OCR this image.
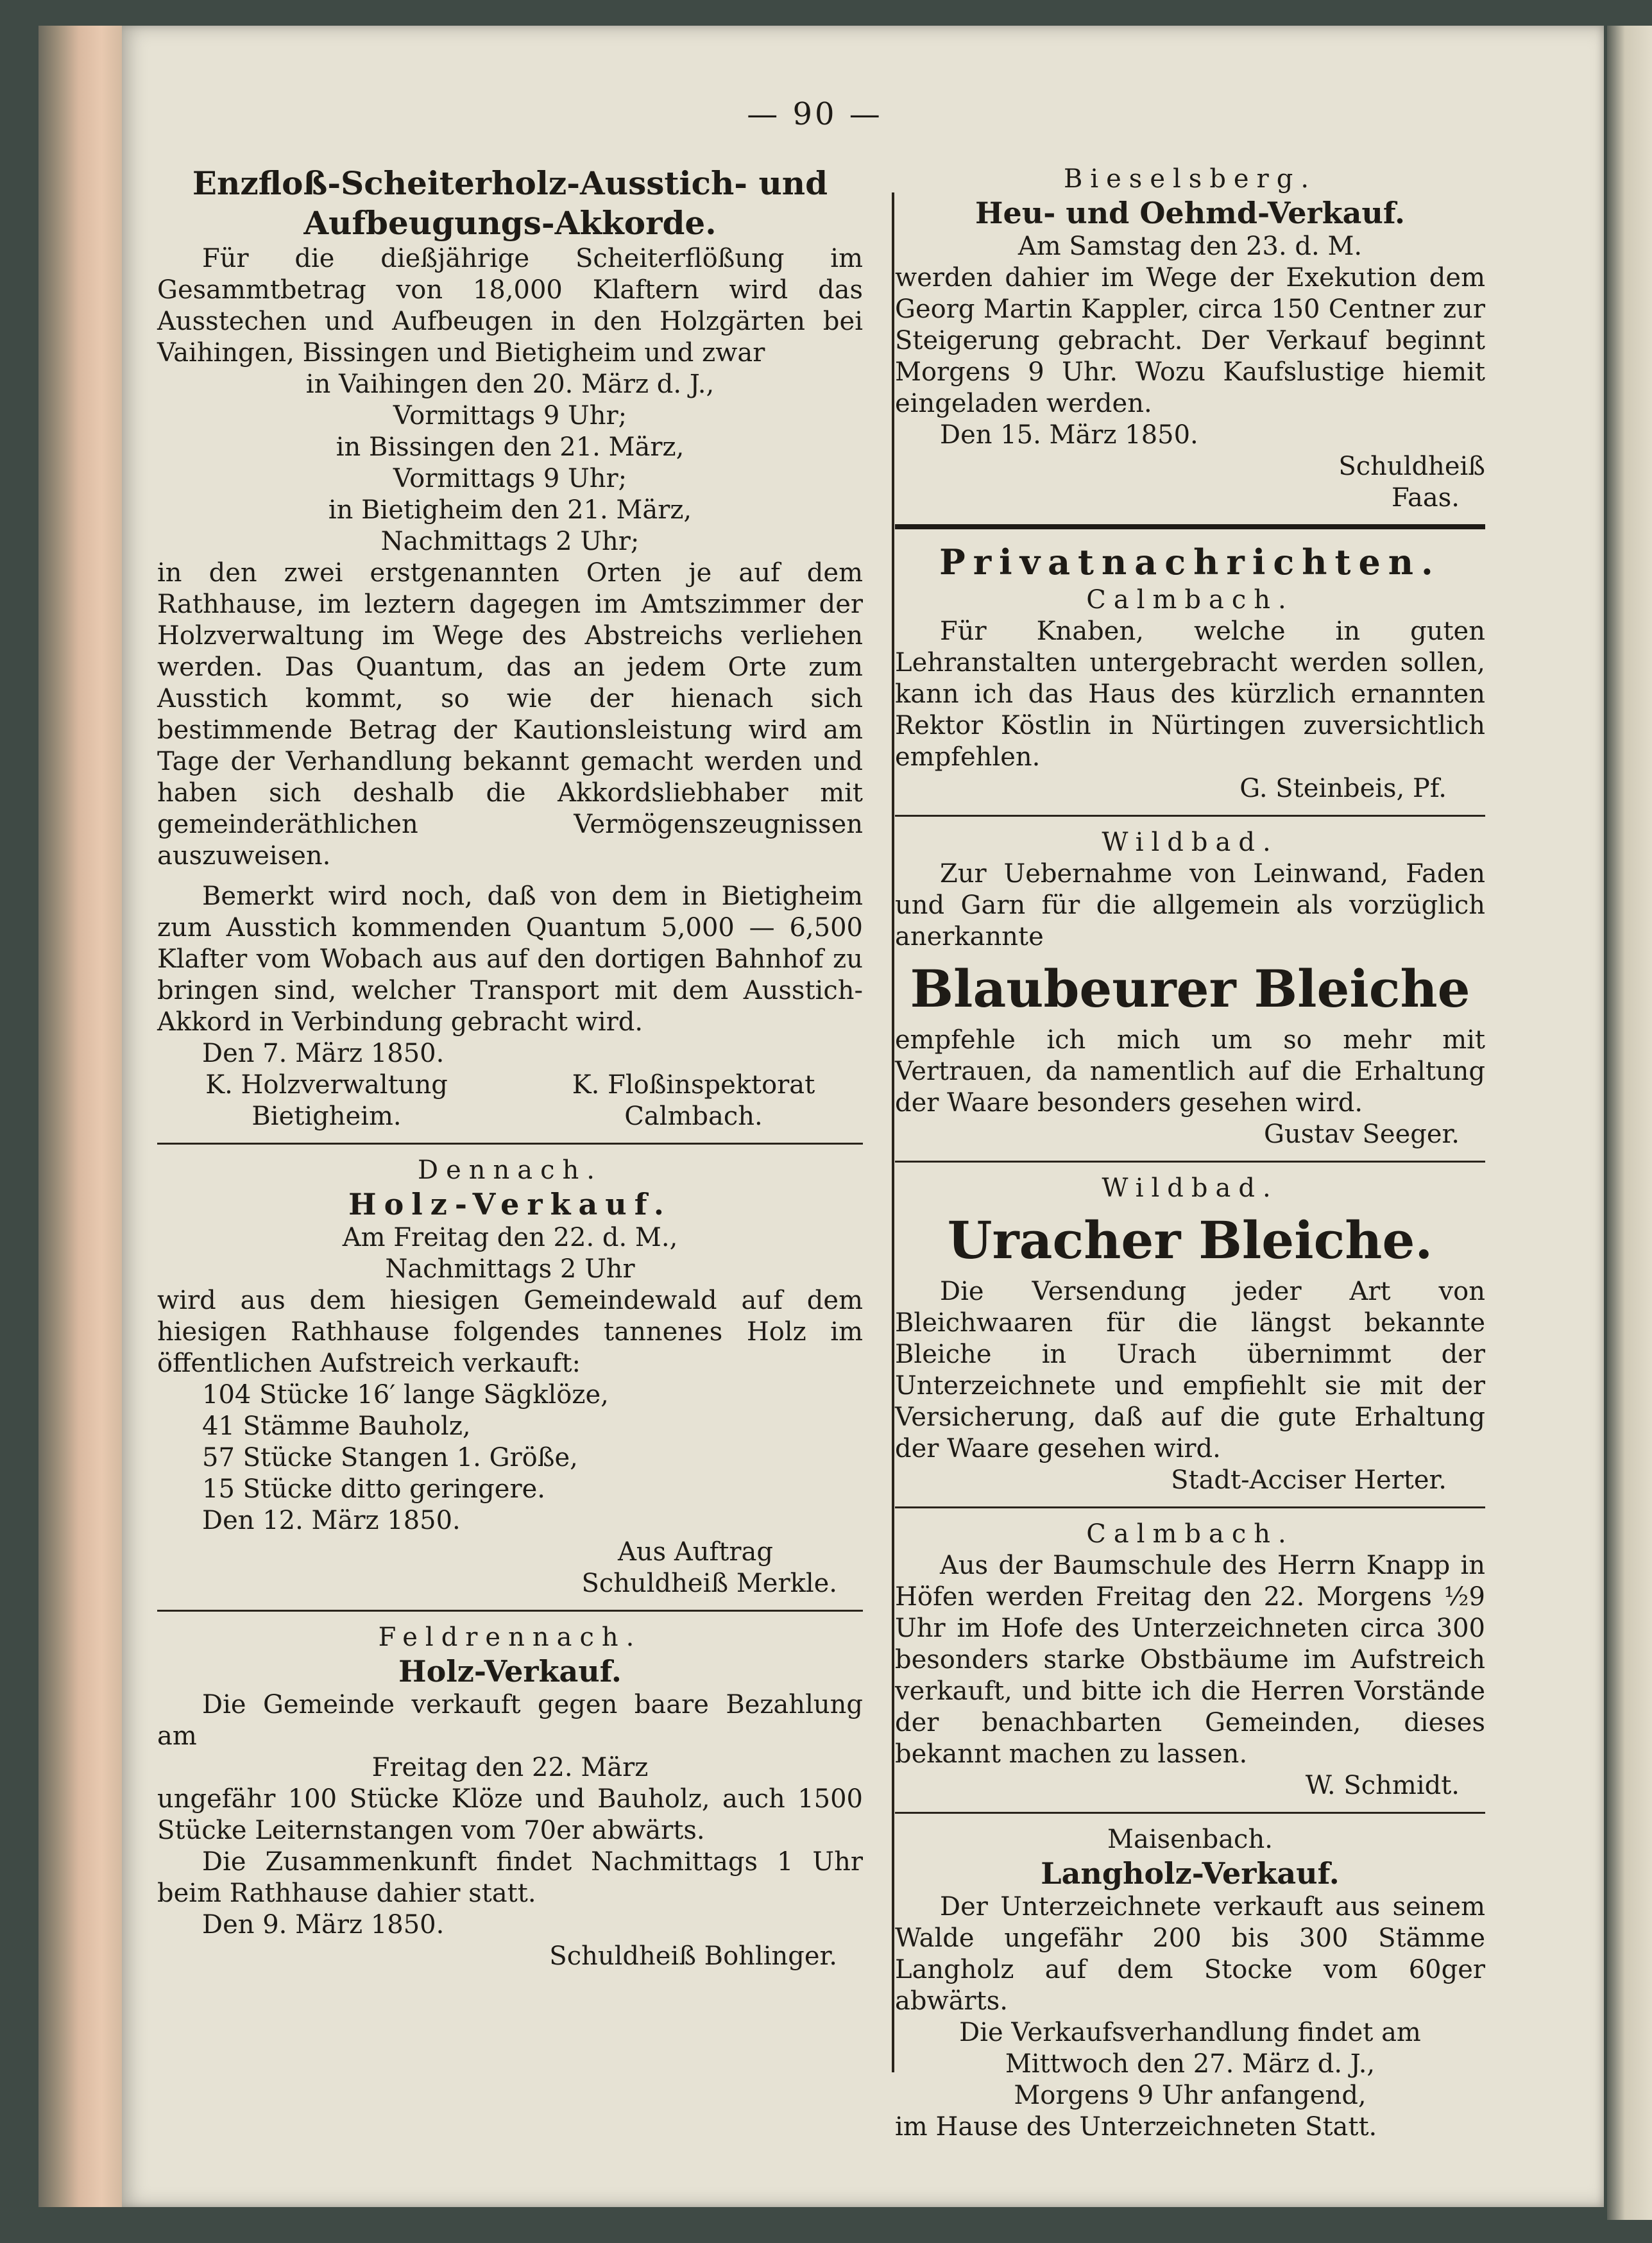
— 90 —

Enzfloß-Scheiterholz-Ausstich- und

Aufbeugungs-Akkorde.

Für die dießjährige Scheiterflößung im Gesammtbetrag von 18,000 Klaftern wird das Ausstechen und Aufbeugen in den Holzgärten bei Vaihingen, Bissingen und Bietigheim und zwar

in Vaihingen den 20. März d. J.,

Vormittags 9 Uhr;

in Bissingen den 21. März,

Vormittags 9 Uhr;

in Bietigheim den 21. März,

Nachmittags 2 Uhr;

in den zwei erstgenannten Orten je auf dem Rathhause, im leztern dagegen im Amtszimmer der Holzverwaltung im Wege des Abstreichs verliehen werden. Das Quantum, das an jedem Orte zum Ausstich kommt, so wie der hienach sich bestimmende Betrag der Kautionsleistung wird am Tage der Verhandlung bekannt gemacht werden und haben sich deshalb die Akkordsliebhaber mit gemeinderäthlichen Vermögenszeugnissen auszuweisen.

Bemerkt wird noch, daß von dem in Bietigheim zum Ausstich kommenden Quantum 5,000 — 6,500 Klafter vom Wobach aus auf den dortigen Bahnhof zu bringen sind, welcher Transport mit dem Ausstich-Akkord in Verbindung gebracht wird.

Den 7. März 1850.

K. Holzverwaltung

Bietigheim.

K. Floßinspektorat

Calmbach.

Dennach.

Holz-Verkauf.

Am Freitag den 22. d. M.,

Nachmittags 2 Uhr

wird aus dem hiesigen Gemeindewald auf dem hiesigen Rathhause folgendes tannenes Holz im öffentlichen Aufstreich verkauft:

104 Stücke 16′ lange Sägklöze,

41 Stämme Bauholz,

57 Stücke Stangen 1. Größe,

15 Stücke ditto geringere.

Den 12. März 1850.

Aus Auftrag

Schuldheiß Merkle.

Feldrennach.

Holz-Verkauf.

Die Gemeinde verkauft gegen baare Bezahlung am

Freitag den 22. März

ungefähr 100 Stücke Klöze und Bauholz, auch 1500 Stücke Leiternstangen vom 70er abwärts.

Die Zusammenkunft findet Nachmittags 1 Uhr beim Rathhause dahier statt.

Den 9. März 1850.

Schuldheiß Bohlinger.

Bieselsberg.

Heu- und Oehmd-Verkauf.

Am Samstag den 23. d. M.

werden dahier im Wege der Exekution dem Georg Martin Kappler, circa 150 Centner zur Steigerung gebracht. Der Verkauf beginnt Morgens 9 Uhr. Wozu Kaufslustige hiemit eingeladen werden.

Den 15. März 1850.

Schuldheiß

Faas.

Privatnachrichten.

Calmbach.

Für Knaben, welche in guten Lehranstalten untergebracht werden sollen, kann ich das Haus des kürzlich ernannten Rektor Köstlin in Nürtingen zuversichtlich empfehlen.

G. Steinbeis, Pf.

Wildbad.

Zur Uebernahme von Leinwand, Faden und Garn für die allgemein als vorzüglich anerkannte

Blaubeurer Bleiche

empfehle ich mich um so mehr mit Vertrauen, da namentlich auf die Erhaltung der Waare besonders gesehen wird.

Gustav Seeger.

Wildbad.

Uracher Bleiche.

Die Versendung jeder Art von Bleichwaaren für die längst bekannte Bleiche in Urach übernimmt der Unterzeichnete und empfiehlt sie mit der Versicherung, daß auf die gute Erhaltung der Waare gesehen wird.

Stadt-Acciser Herter.

Calmbach.

Aus der Baumschule des Herrn Knapp in Höfen werden Freitag den 22. Morgens ½9 Uhr im Hofe des Unterzeichneten circa 300 besonders starke Obstbäume im Aufstreich verkauft, und bitte ich die Herren Vorstände der benachbarten Gemeinden, dieses bekannt machen zu lassen.

W. Schmidt.

Maisenbach.

Langholz-Verkauf.

Der Unterzeichnete verkauft aus seinem Walde ungefähr 200 bis 300 Stämme Langholz auf dem Stocke vom 60ger abwärts.

Die Verkaufsverhandlung findet am

Mittwoch den 27. März d. J.,

Morgens 9 Uhr anfangend,

im Hause des Unterzeichneten Statt.
